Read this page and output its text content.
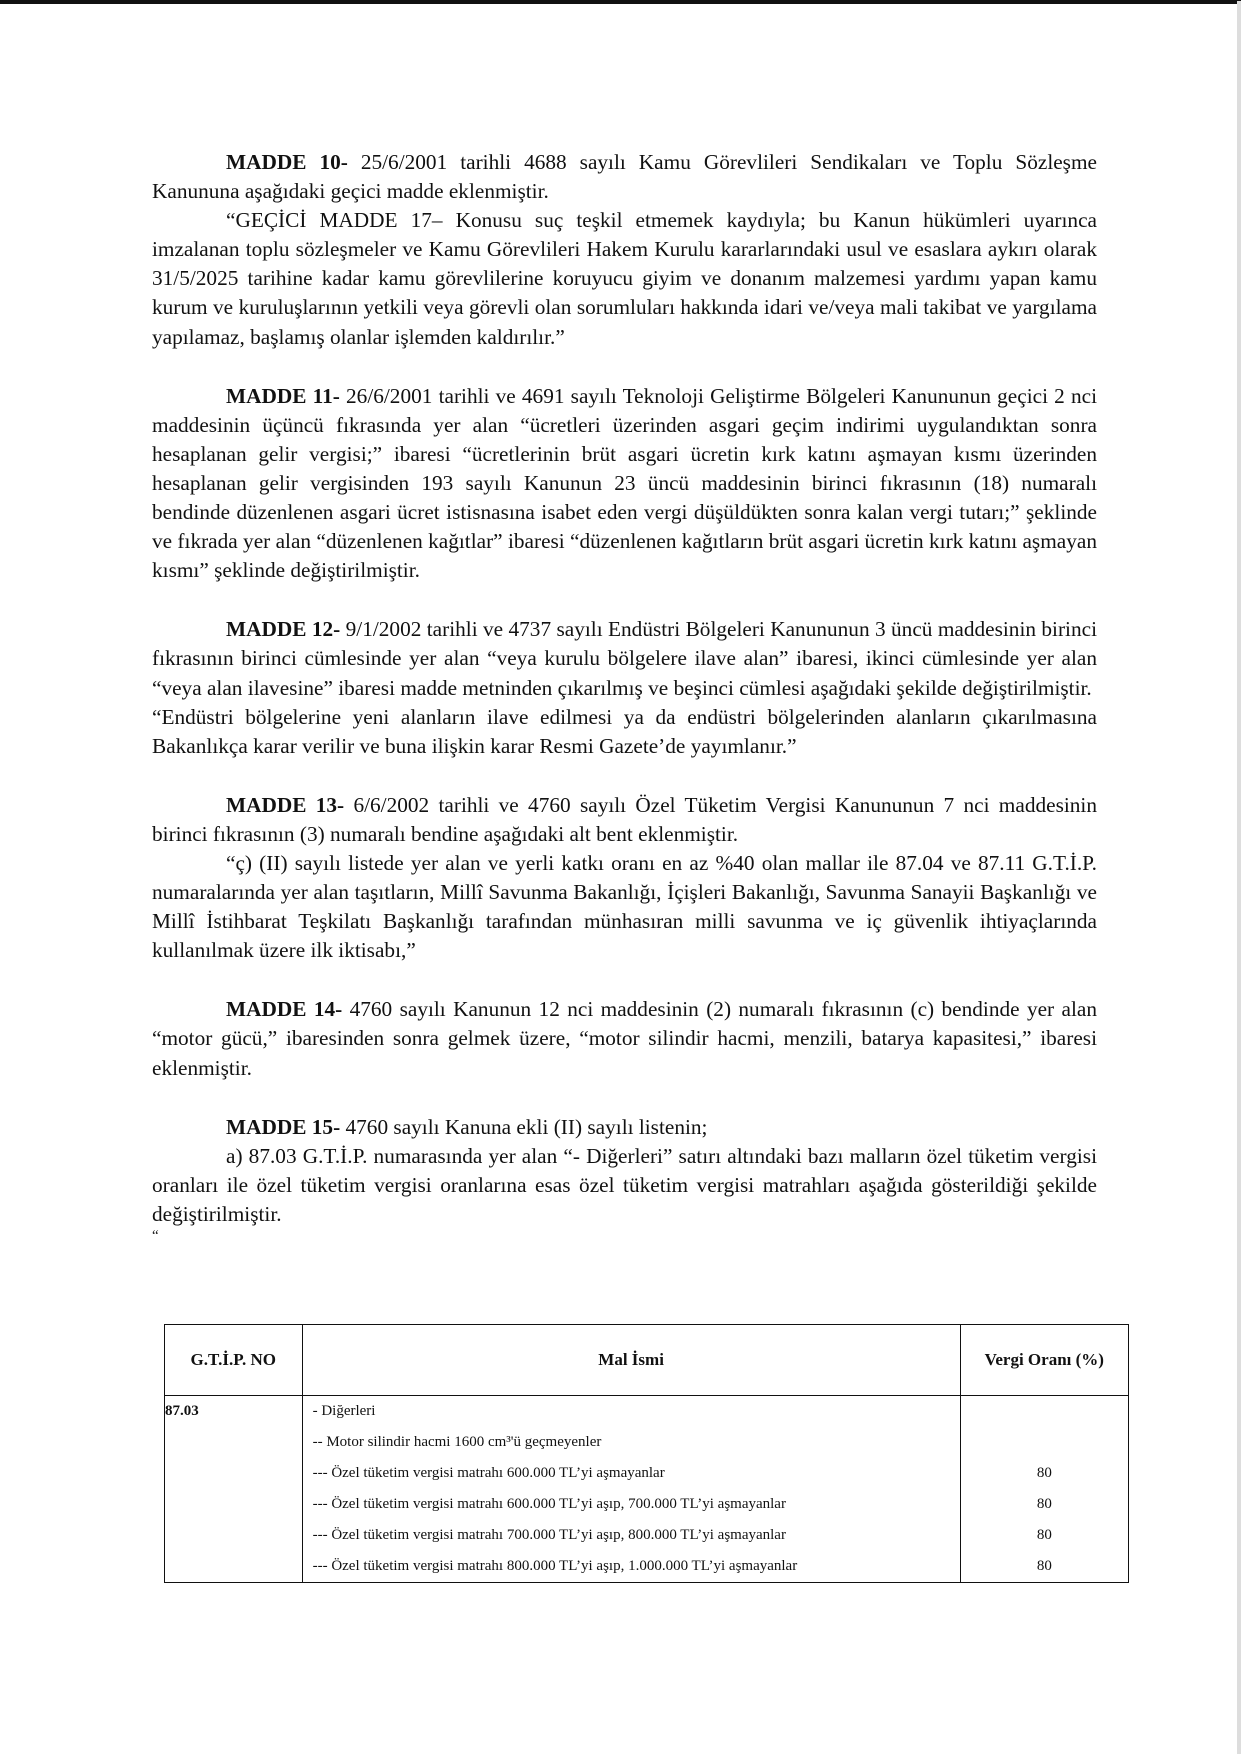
MADDE 10- 25/6/2001 tarihli 4688 sayılı Kamu Görevlileri Sendikaları ve Toplu Sözleşme Kanununa aşağıdaki geçici madde eklenmiştir.

“GEÇİCİ MADDE 17– Konusu suç teşkil etmemek kaydıyla; bu Kanun hükümleri uyarınca imzalanan toplu sözleşmeler ve Kamu Görevlileri Hakem Kurulu kararlarındaki usul ve esaslara aykırı olarak 31/5/2025 tarihine kadar kamu görevlilerine koruyucu giyim ve donanım malzemesi yardımı yapan kamu kurum ve kuruluşlarının yetkili veya görevli olan sorumluları hakkında idari ve/veya mali takibat ve yargılama yapılamaz, başlamış olanlar işlemden kaldırılır.”

MADDE 11- 26/6/2001 tarihli ve 4691 sayılı Teknoloji Geliştirme Bölgeleri Kanununun geçici 2 nci maddesinin üçüncü fıkrasında yer alan “ücretleri üzerinden asgari geçim indirimi uygulandıktan sonra hesaplanan gelir vergisi;” ibaresi “ücretlerinin brüt asgari ücretin kırk katını aşmayan kısmı üzerinden hesaplanan gelir vergisinden 193 sayılı Kanunun 23 üncü maddesinin birinci fıkrasının (18) numaralı bendinde düzenlenen asgari ücret istisnasına isabet eden vergi düşüldükten sonra kalan vergi tutarı;” şeklinde ve fıkrada yer alan “düzenlenen kağıtlar” ibaresi “düzenlenen kağıtların brüt asgari ücretin kırk katını aşmayan kısmı” şeklinde değiştirilmiştir.

MADDE 12- 9/1/2002 tarihli ve 4737 sayılı Endüstri Bölgeleri Kanununun 3 üncü maddesinin birinci fıkrasının birinci cümlesinde yer alan “veya kurulu bölgelere ilave alan” ibaresi, ikinci cümlesinde yer alan “veya alan ilavesine” ibaresi madde metninden çıkarılmış ve beşinci cümlesi aşağıdaki şekilde değiştirilmiştir.

“Endüstri bölgelerine yeni alanların ilave edilmesi ya da endüstri bölgelerinden alanların çıkarılmasına Bakanlıkça karar verilir ve buna ilişkin karar Resmi Gazete’de yayımlanır.”

MADDE 13- 6/6/2002 tarihli ve 4760 sayılı Özel Tüketim Vergisi Kanununun 7 nci maddesinin birinci fıkrasının (3) numaralı bendine aşağıdaki alt bent eklenmiştir.

“ç) (II) sayılı listede yer alan ve yerli katkı oranı en az %40 olan mallar ile 87.04 ve 87.11 G.T.İ.P. numaralarında yer alan taşıtların, Millî Savunma Bakanlığı, İçişleri Bakanlığı, Savunma Sanayii Başkanlığı ve Millî İstihbarat Teşkilatı Başkanlığı tarafından münhasıran milli savunma ve iç güvenlik ihtiyaçlarında kullanılmak üzere ilk iktisabı,”

MADDE 14- 4760 sayılı Kanunun 12 nci maddesinin (2) numaralı fıkrasının (c) bendinde yer alan “motor gücü,” ibaresinden sonra gelmek üzere, “motor silindir hacmi, menzili, batarya kapasitesi,” ibaresi eklenmiştir.

MADDE 15- 4760 sayılı Kanuna ekli (II) sayılı listenin;

a) 87.03 G.T.İ.P. numarasında yer alan “- Diğerleri” satırı altındaki bazı malların özel tüketim vergisi oranları ile özel tüketim vergisi oranlarına esas özel tüketim vergisi matrahları aşağıda gösterildiği şekilde değiştirilmiştir.

“

G.T.İ.P. NO	Mal İsmi	Vergi Oranı (%)
87.03	- Diğerleri	
	-- Motor silindir hacmi 1600 cm³'ü geçmeyenler	
	--- Özel tüketim vergisi matrahı 600.000 TL’yi aşmayanlar	80
	--- Özel tüketim vergisi matrahı 600.000 TL’yi aşıp, 700.000 TL’yi aşmayanlar	80
	--- Özel tüketim vergisi matrahı 700.000 TL’yi aşıp, 800.000 TL’yi aşmayanlar	80
	--- Özel tüketim vergisi matrahı 800.000 TL’yi aşıp, 1.000.000 TL’yi aşmayanlar	80
